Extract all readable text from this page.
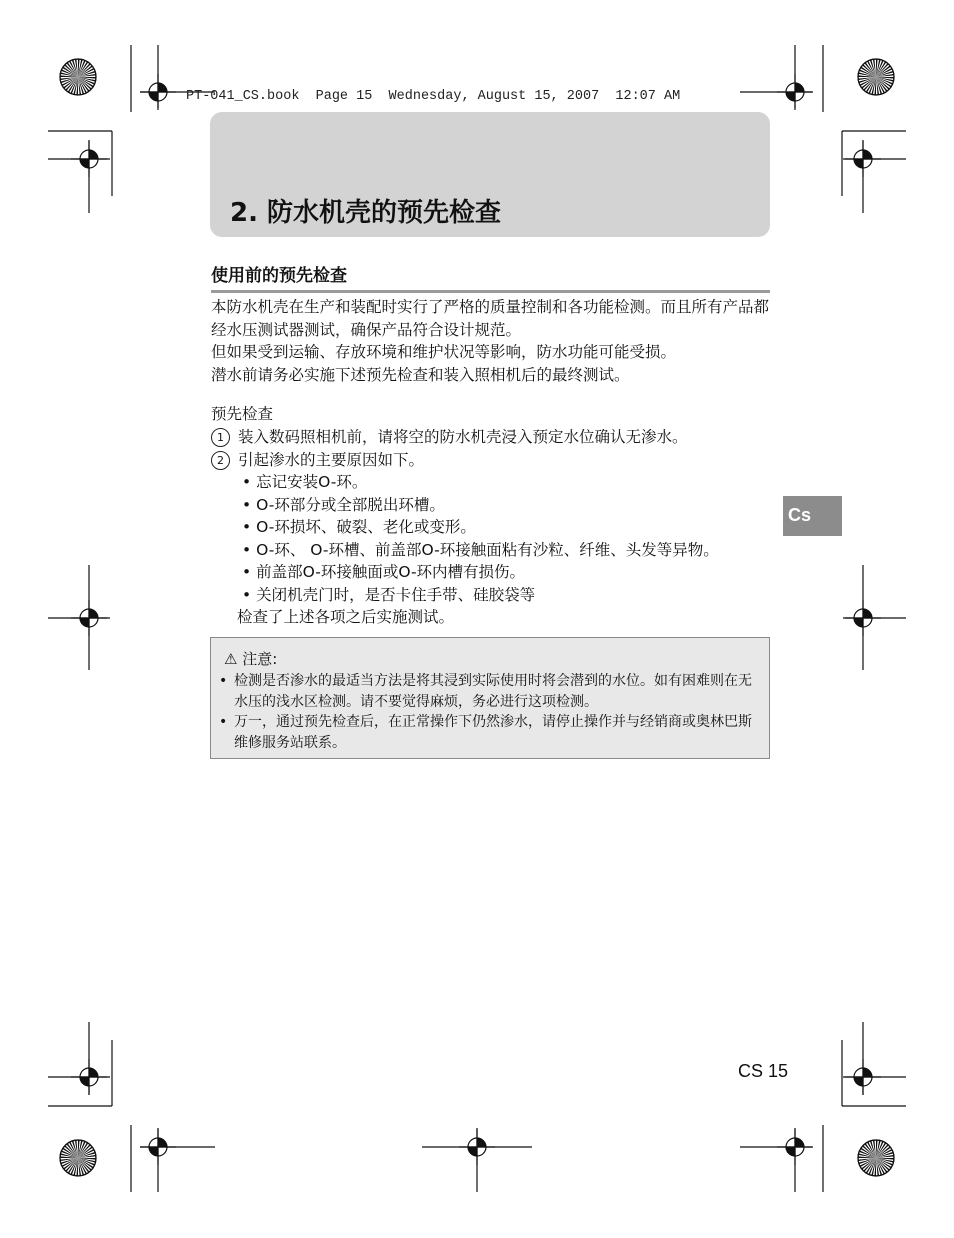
PT-041_CS.book  Page 15  Wednesday, August 15, 2007  12:07 AM
2. 防水机壳的预先检查
使用前的预先检查

本防水机壳在生产和装配时实行了严格的质量控制和各功能检测。而且所有产品都经水压测试器测试，确保产品符合设计规范。

但如果受到运输、存放环境和维护状况等影响，防水功能可能受损。

潜水前请务必实施下述预先检查和装入照相机后的最终测试。

预先检查
1 装入数码照相机前，请将空的防水机壳浸入预定水位确认无渗水。
2 引起渗水的主要原因如下。
• 忘记安装O-环。
• O-环部分或全部脱出环槽。
• O-环损坏、破裂、老化或变形。
• O-环、 O-环槽、前盖部O-环接触面粘有沙粒、纤维、头发等异物。
• 前盖部O-环接触面或O-环内槽有损伤。
• 关闭机壳门时，是否卡住手带、硅胶袋等
检查了上述各项之后实施测试。
⚠ 注意:
• 检测是否渗水的最适当方法是将其浸到实际使用时将会潜到的水位。如有困难则在无水压的浅水区检测。请不要觉得麻烦，务必进行这项检测。
• 万一，通过预先检查后，在正常操作下仍然渗水，请停止操作并与经销商或奥林巴斯维修服务站联系。
Cs
CS 15
